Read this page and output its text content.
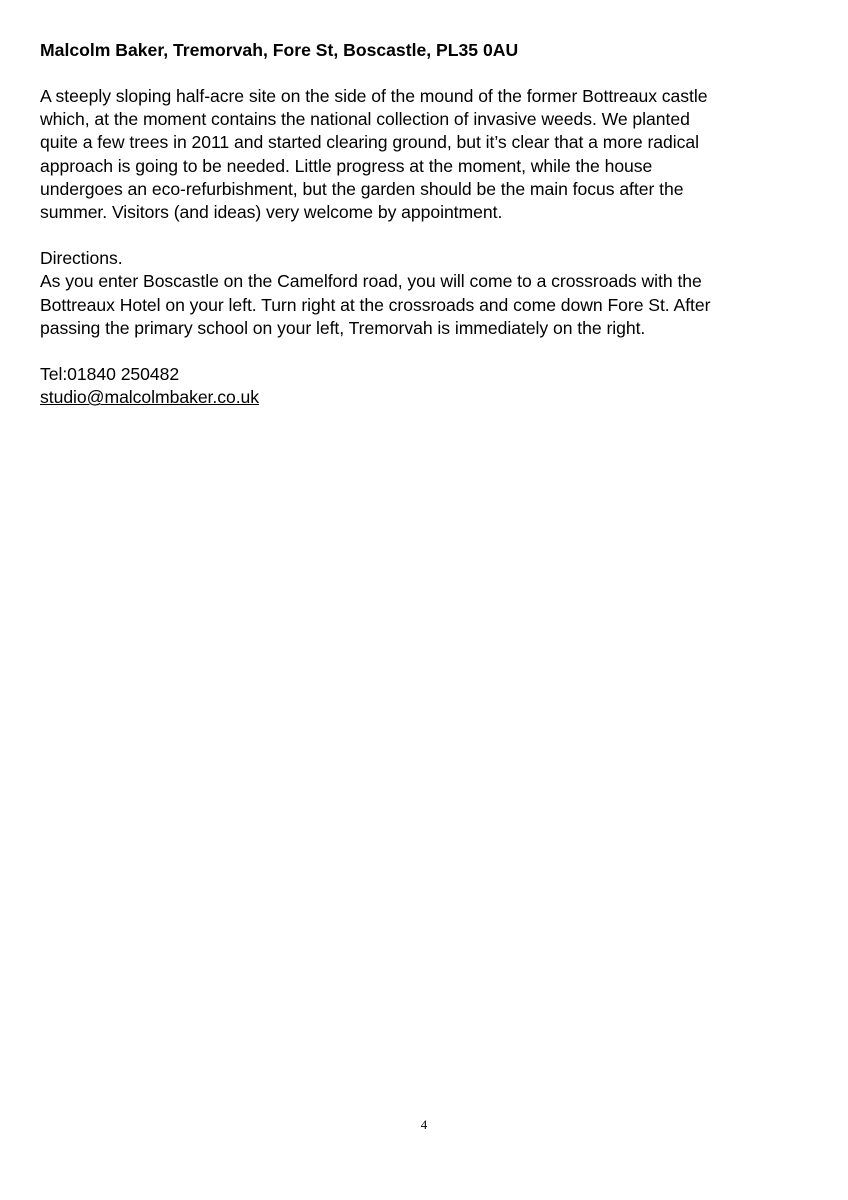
Malcolm Baker, Tremorvah, Fore St, Boscastle, PL35 0AU
A steeply sloping half-acre site on the side of the mound of the former Bottreaux castle
which, at the moment contains the national collection of invasive weeds. We planted
quite a few trees in 2011 and started clearing ground, but it’s clear that a more radical
approach is going to be needed. Little progress at the moment, while the house
undergoes an eco-refurbishment, but the garden should be the main focus after the
summer. Visitors (and ideas) very welcome by appointment.
Directions.
As you enter Boscastle on the Camelford road, you will come to a crossroads with the
Bottreaux Hotel on your left. Turn right at the crossroads and come down Fore St. After
passing the primary school on your left, Tremorvah is immediately on the right.
Tel:01840 250482
studio@malcolmbaker.co.uk
4
